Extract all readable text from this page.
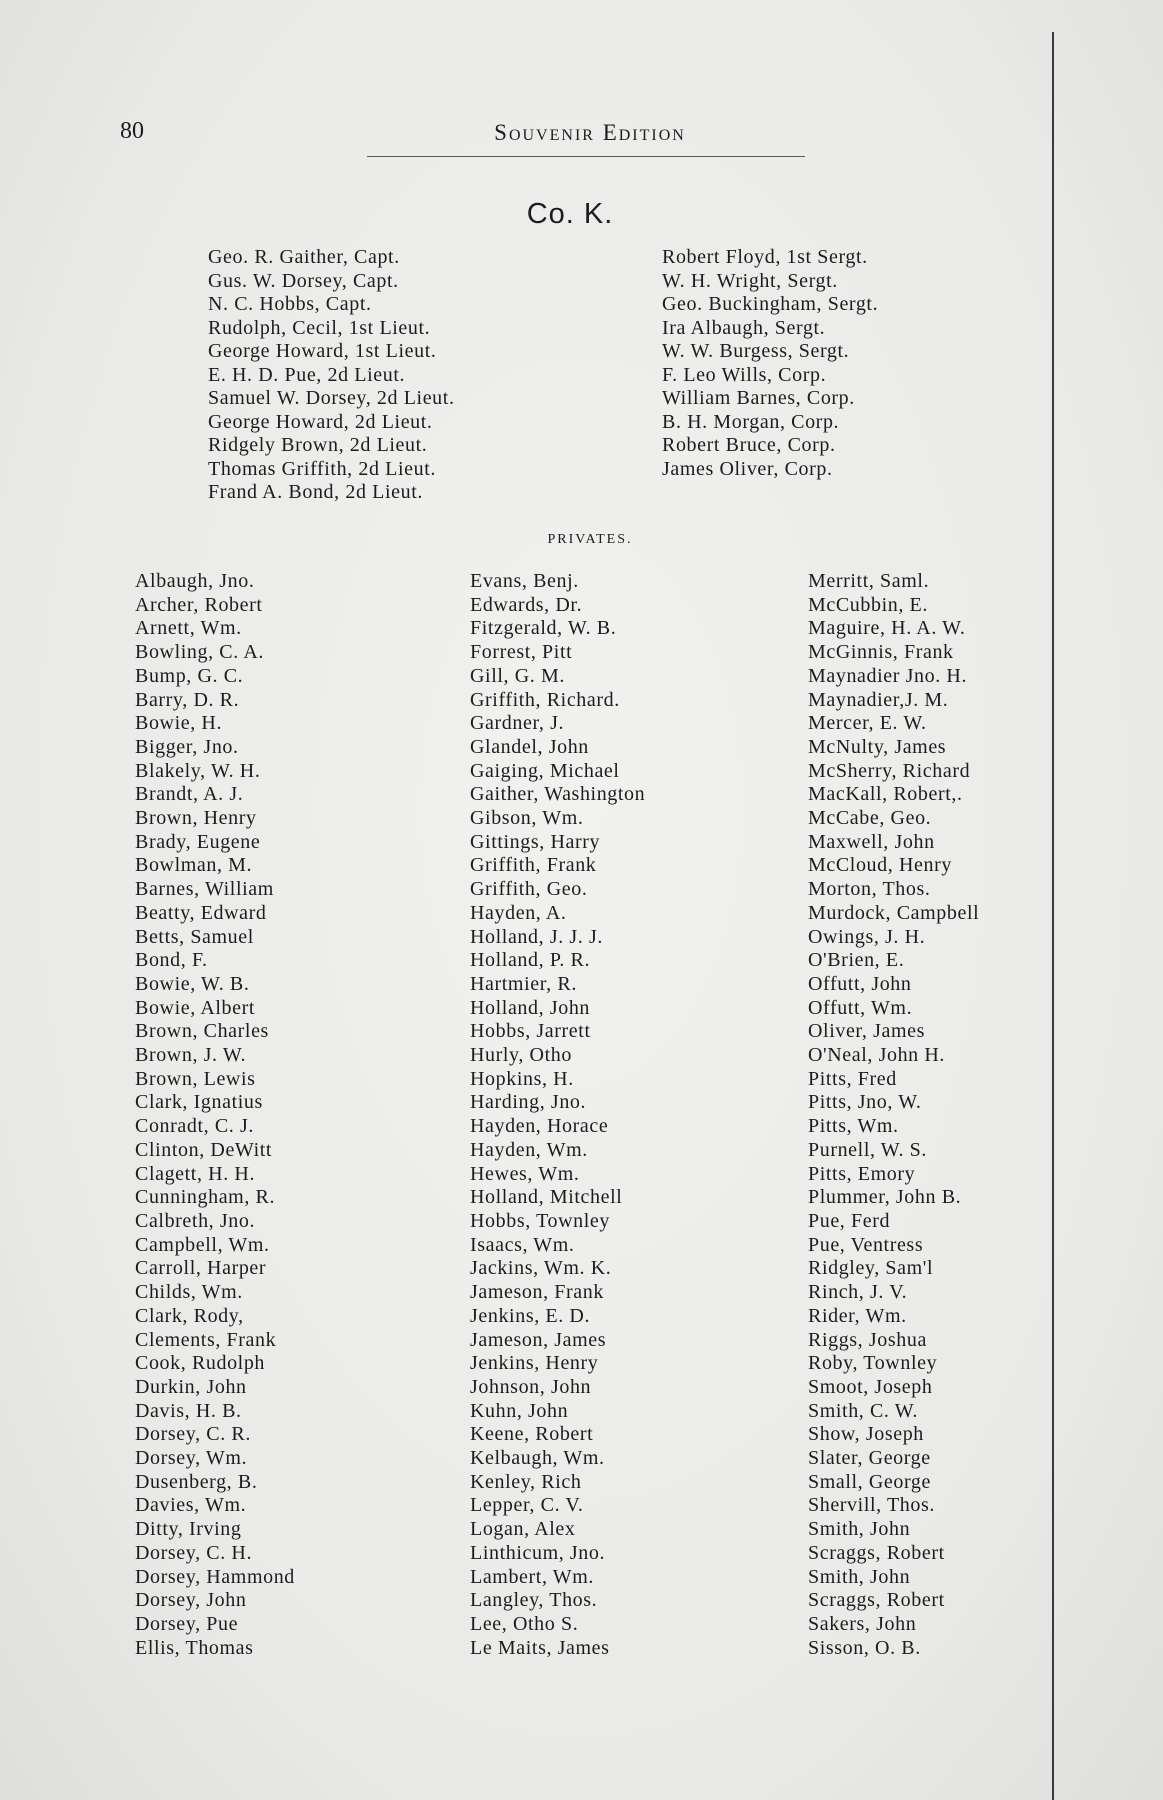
80	Souvenir Edition
Co. K.
Geo. R. Gaither, Capt.
Gus. W. Dorsey, Capt.
N. C. Hobbs, Capt.
Rudolph, Cecil, 1st Lieut.
George Howard, 1st Lieut.
E. H. D. Pue, 2d Lieut.
Samuel W. Dorsey, 2d Lieut.
George Howard, 2d Lieut.
Ridgely Brown, 2d Lieut.
Thomas Griffith, 2d Lieut.
Frand A. Bond, 2d Lieut.
Robert Floyd, 1st Sergt.
W. H. Wright, Sergt.
Geo. Buckingham, Sergt.
Ira Albaugh, Sergt.
W. W. Burgess, Sergt.
F. Leo Wills, Corp.
William Barnes, Corp.
B. H. Morgan, Corp.
Robert Bruce, Corp.
James Oliver, Corp.
PRIVATES.
Albaugh, Jno.
Archer, Robert
Arnett, Wm.
Bowling, C. A.
Bump, G. C.
Barry, D. R.
Bowie, H.
Bigger, Jno.
Blakely, W. H.
Brandt, A. J.
Brown, Henry
Brady, Eugene
Bowlman, M.
Barnes, William
Beatty, Edward
Betts, Samuel
Bond, F.
Bowie, W. B.
Bowie, Albert
Brown, Charles
Brown, J. W.
Brown, Lewis
Clark, Ignatius
Conradt, C. J.
Clinton, DeWitt
Clagett, H. H.
Cunningham, R.
Calbreth, Jno.
Campbell, Wm.
Carroll, Harper
Childs, Wm.
Clark, Rody,
Clements, Frank
Cook, Rudolph
Durkin, John
Davis, H. B.
Dorsey, C. R.
Dorsey, Wm.
Dusenberg, B.
Davies, Wm.
Ditty, Irving
Dorsey, C. H.
Dorsey, Hammond
Dorsey, John
Dorsey, Pue
Ellis, Thomas
Evans, Benj.
Edwards, Dr.
Fitzgerald, W. B.
Forrest, Pitt
Gill, G. M.
Griffith, Richard.
Gardner, J.
Glandel, John
Gaiging, Michael
Gaither, Washington
Gibson, Wm.
Gittings, Harry
Griffith, Frank
Griffith, Geo.
Hayden, A.
Holland, J. J. J.
Holland, P. R.
Hartmier, R.
Holland, John
Hobbs, Jarrett
Hurly, Otho
Hopkins, H.
Harding, Jno.
Hayden, Horace
Hayden, Wm.
Hewes, Wm.
Holland, Mitchell
Hobbs, Townley
Isaacs, Wm.
Jackins, Wm. K.
Jameson, Frank
Jenkins, E. D.
Jameson, James
Jenkins, Henry
Johnson, John
Kuhn, John
Keene, Robert
Kelbaugh, Wm.
Kenley, Rich
Lepper, C. V.
Logan, Alex
Linthicum, Jno.
Lambert, Wm.
Langley, Thos.
Lee, Otho S.
Le Maits, James
Merritt, Saml.
McCubbin, E.
Maguire, H. A. W.
McGinnis, Frank
Maynadier Jno. H.
Maynadier,J. M.
Mercer, E. W.
McNulty, James
McSherry, Richard
MacKall, Robert,.
McCabe, Geo.
Maxwell, John
McCloud, Henry
Morton, Thos.
Murdock, Campbell
Owings, J. H.
O'Brien, E.
Offutt, John
Offutt, Wm.
Oliver, James
O'Neal, John H.
Pitts, Fred
Pitts, Jno, W.
Pitts, Wm.
Purnell, W. S.
Pitts, Emory
Plummer, John B.
Pue, Ferd
Pue, Ventress
Ridgley, Sam'l
Rinch, J. V.
Rider, Wm.
Riggs, Joshua
Roby, Townley
Smoot, Joseph
Smith, C. W.
Show, Joseph
Slater, George
Small, George
Shervill, Thos.
Smith, John
Scraggs, Robert
Smith, John
Scraggs, Robert
Sakers, John
Sisson, O. B.
